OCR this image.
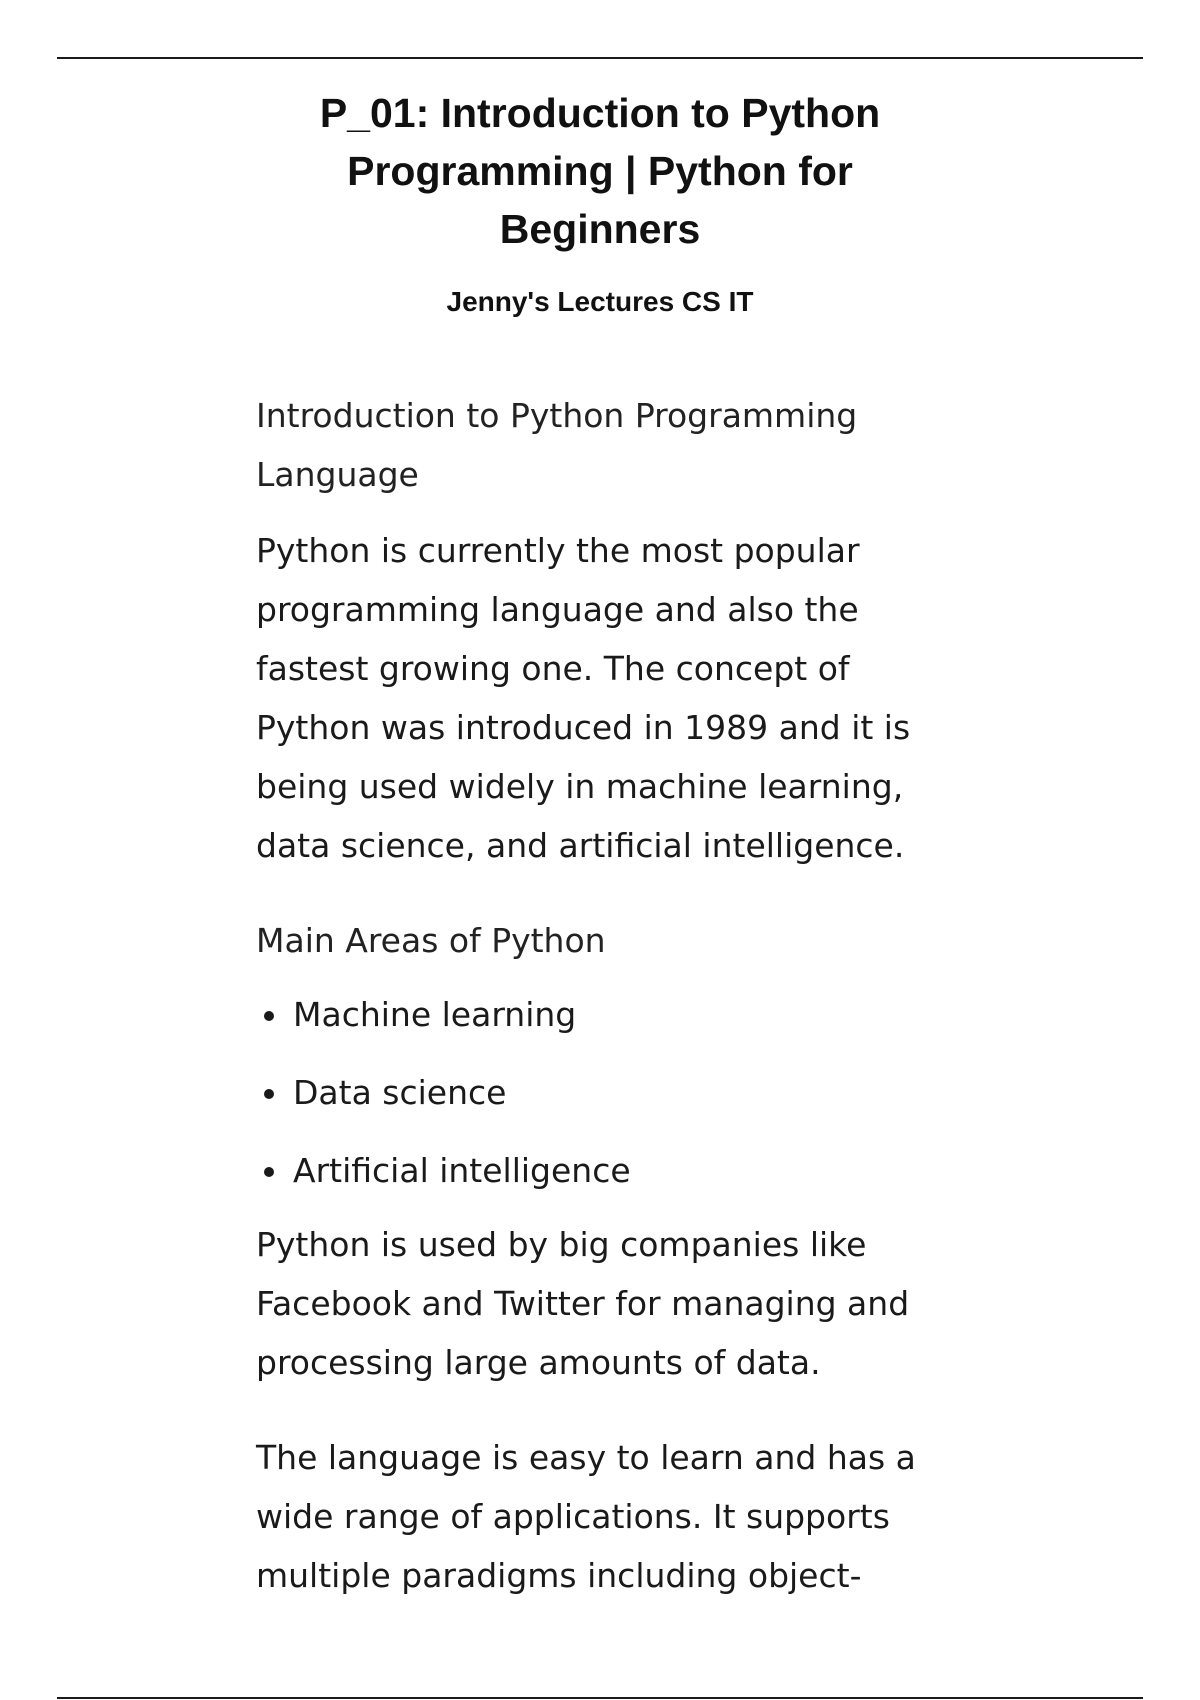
P_01: Introduction to Python Programming | Python for Beginners
Jenny's Lectures CS IT

Introduction to Python Programming Language

Python is currently the most popular programming language and also the fastest growing one. The concept of Python was introduced in 1989 and it is being used widely in machine learning, data science, and artificial intelligence.

Main Areas of Python

Machine learning
Data science
Artificial intelligence

Python is used by big companies like Facebook and Twitter for managing and processing large amounts of data.

The language is easy to learn and has a wide range of applications. It supports multiple paradigms including object-
